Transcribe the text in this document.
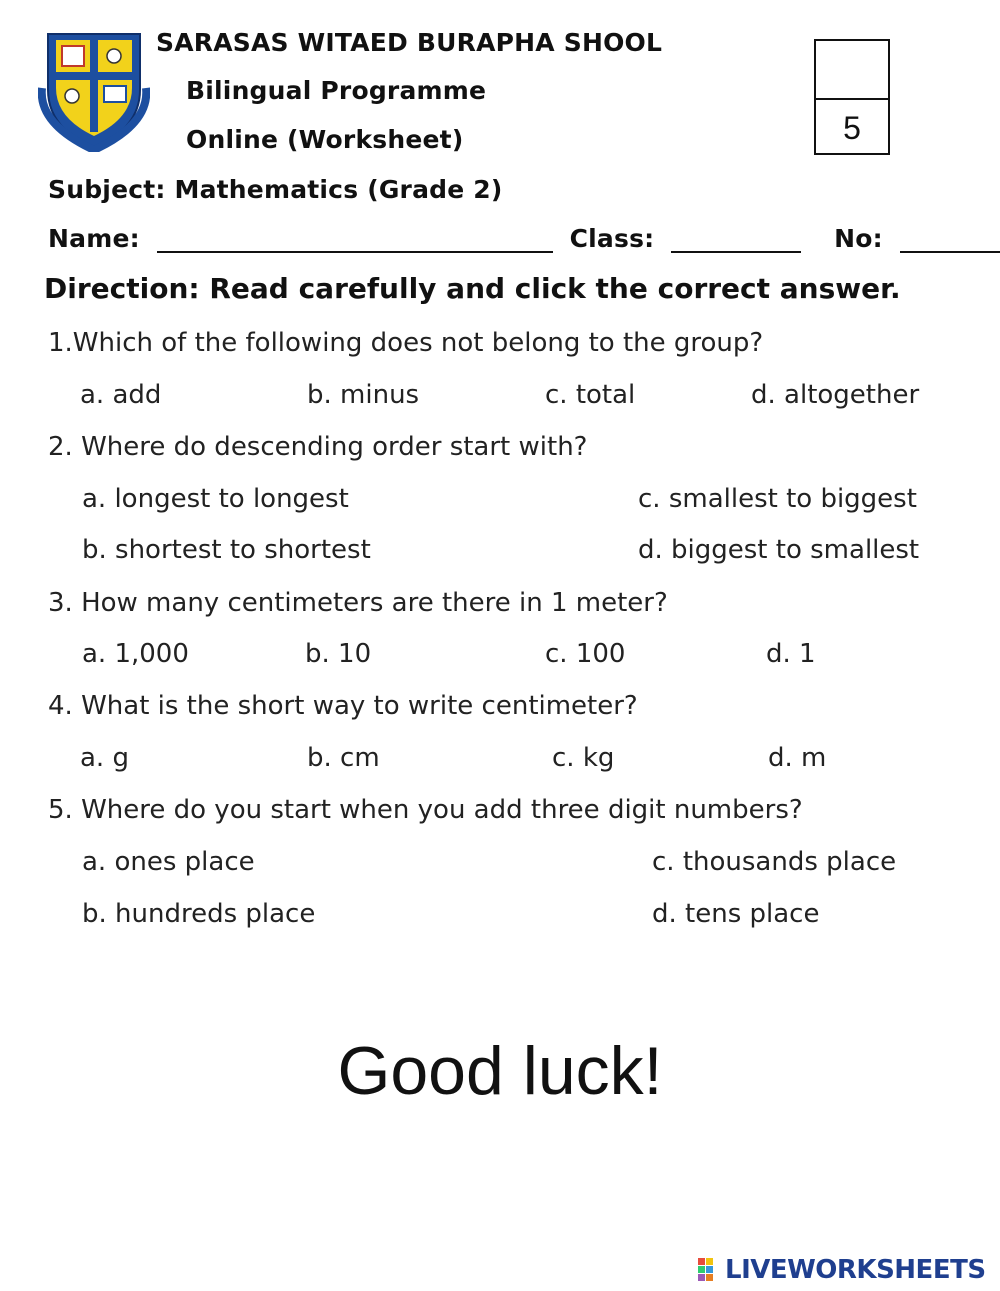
SARASAS WITAED BURAPHA SHOOL
Bilingual Programme
Online (Worksheet)
Subject: Mathematics (Grade 2)
5
Name:	Class:	No:
Direction: Read carefully and click the correct answer.
1.Which of the following does not belong to the group?
a. add	b. minus	c. total	d. altogether
2. Where do descending order start with?
a. longest to longest	c. smallest to biggest
b. shortest to shortest	d. biggest to smallest
3. How many centimeters are there in 1 meter?
a. 1,000	b. 10	c. 100	d. 1
4. What is the short way to write centimeter?
a. g	b. cm	c. kg	d. m
5. Where do you start when you add three digit numbers?
a. ones place	c. thousands place
b. hundreds place	d. tens place
Good luck!
LIVEWORKSHEETS
